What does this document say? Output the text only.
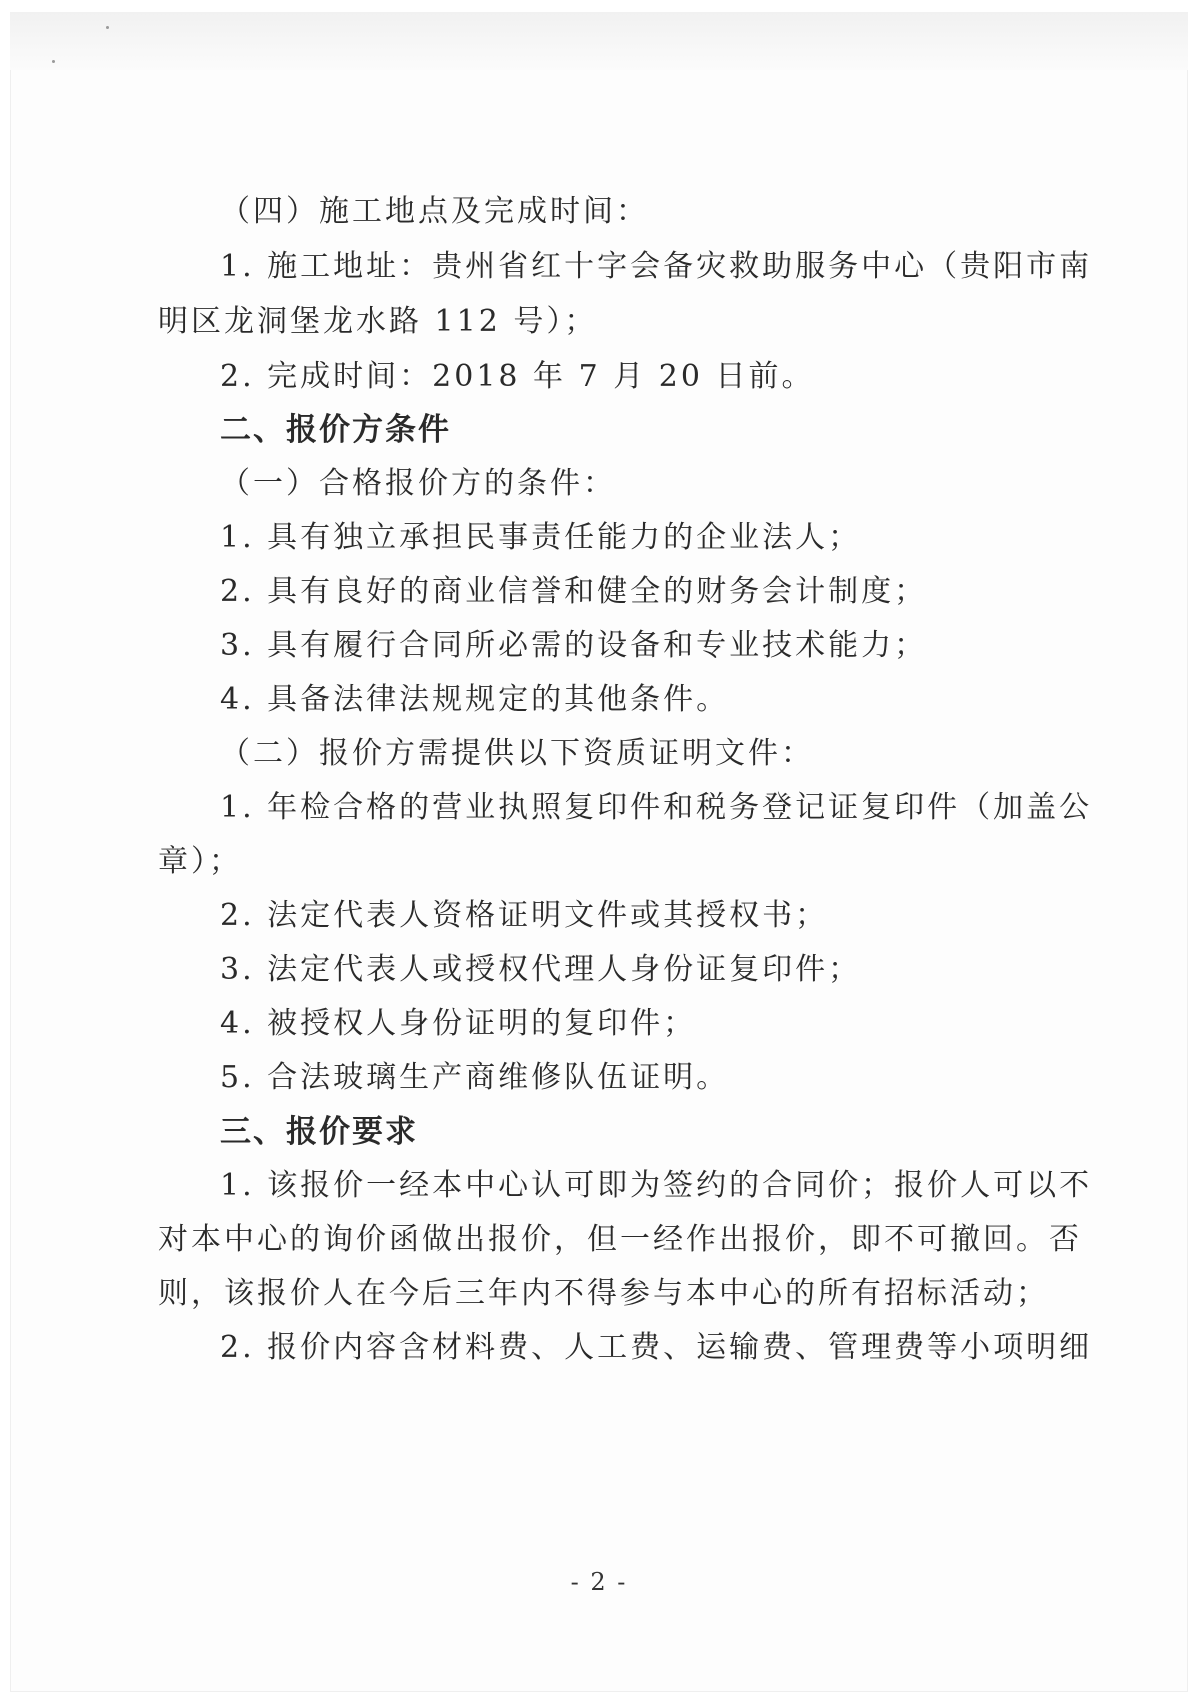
（四）施工地点及完成时间：
1. 施工地址：贵州省红十字会备灾救助服务中心（贵阳市南
明区龙洞堡龙水路 112 号）；
2. 完成时间：2018 年 7 月 20 日前。
二、报价方条件
（一）合格报价方的条件：
1. 具有独立承担民事责任能力的企业法人；
2. 具有良好的商业信誉和健全的财务会计制度；
3. 具有履行合同所必需的设备和专业技术能力；
4. 具备法律法规规定的其他条件。
（二）报价方需提供以下资质证明文件：
1. 年检合格的营业执照复印件和税务登记证复印件（加盖公
章）；
2. 法定代表人资格证明文件或其授权书；
3. 法定代表人或授权代理人身份证复印件；
4. 被授权人身份证明的复印件；
5. 合法玻璃生产商维修队伍证明。
三、报价要求
1. 该报价一经本中心认可即为签约的合同价；报价人可以不
对本中心的询价函做出报价，但一经作出报价，即不可撤回。否
则，该报价人在今后三年内不得参与本中心的所有招标活动；
2. 报价内容含材料费、人工费、运输费、管理费等小项明细
- 2 -
